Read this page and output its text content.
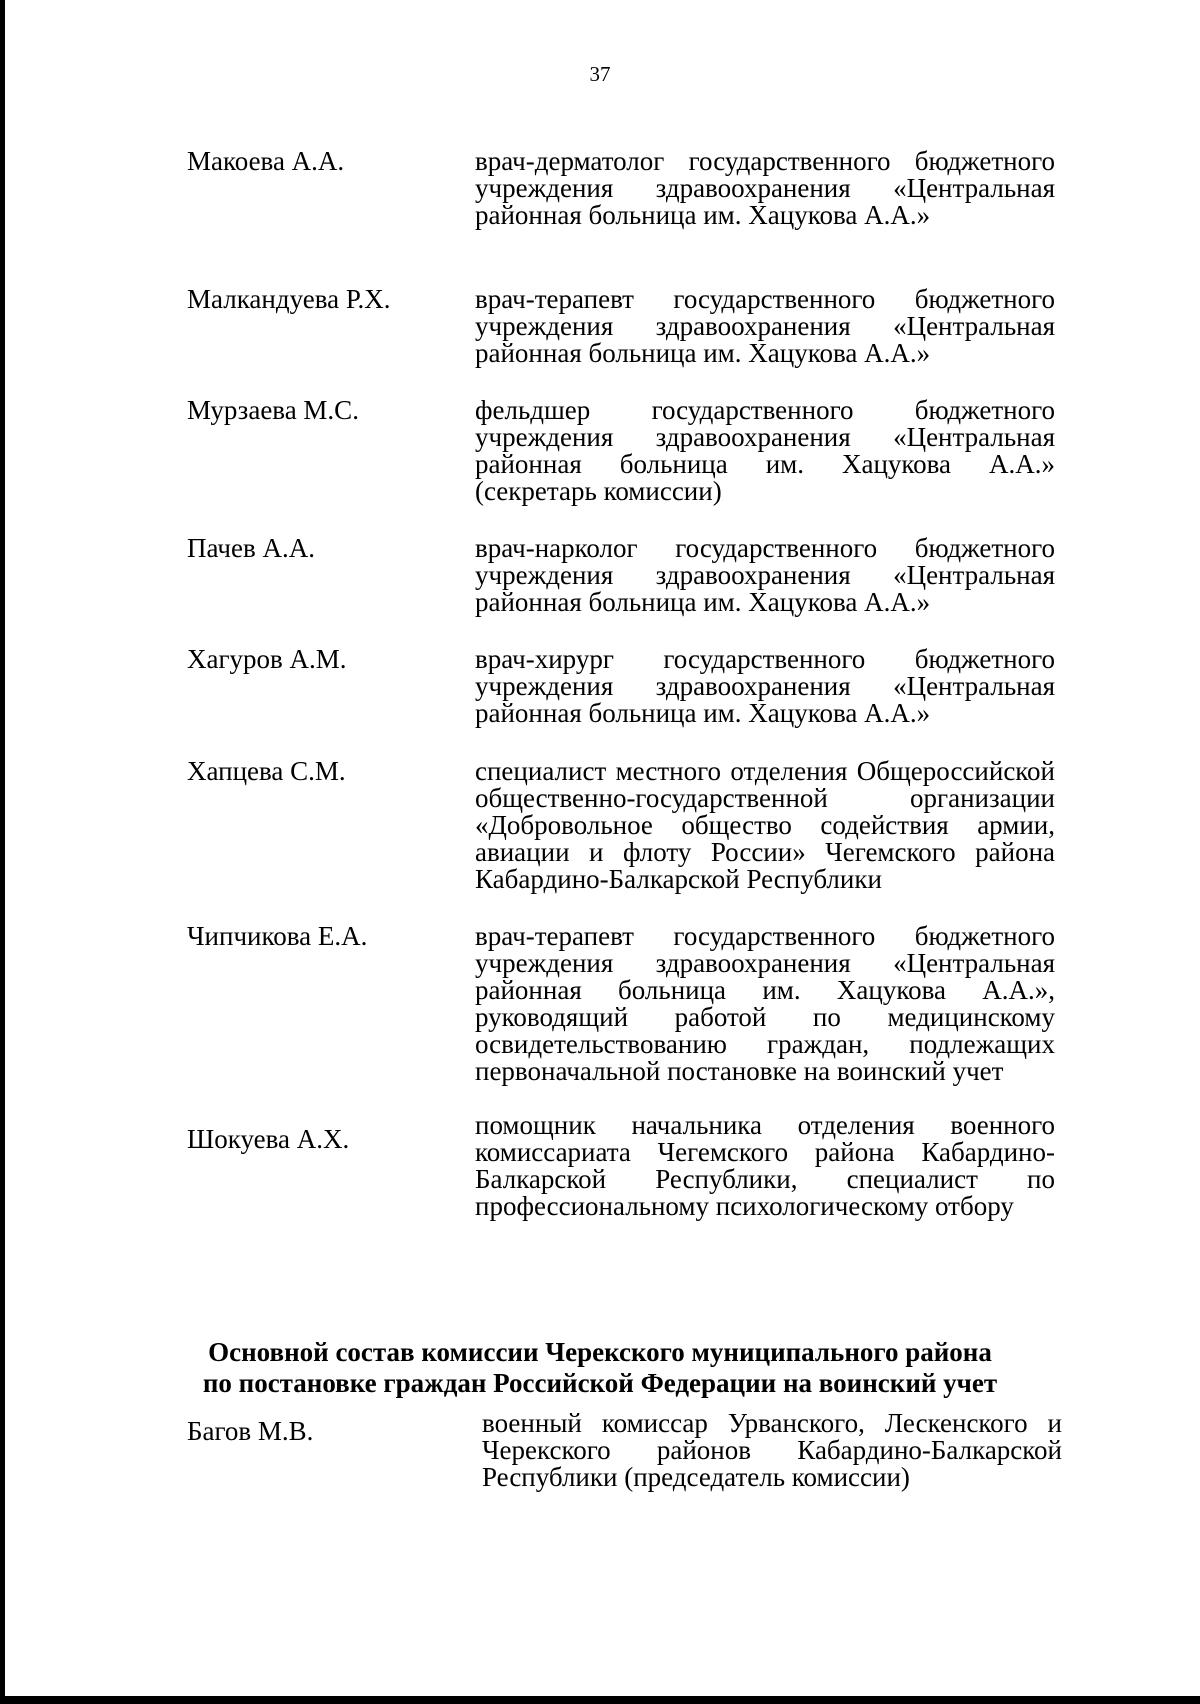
37
Макоева А.А.	врач-дерматолог государственного бюджетного учреждения здравоохранения «Центральная районная больница им. Хацукова А.А.»
Малкандуева Р.Х.	врач-терапевт государственного бюджетного учреждения здравоохранения «Центральная районная больница им. Хацукова А.А.»
Мурзаева М.С.	фельдшер государственного бюджетного учреждения здравоохранения «Центральная районная больница им. Хацукова А.А.» (секретарь комиссии)
Пачев А.А.	врач-нарколог государственного бюджетного учреждения здравоохранения «Центральная районная больница им. Хацукова А.А.»
Хагуров А.М.	врач-хирург государственного бюджетного учреждения здравоохранения «Центральная районная больница им. Хацукова А.А.»
Хапцева С.М.	специалист местного отделения Общероссийской общественно-государственной организации «Добровольное общество содействия армии, авиации и флоту России» Чегемского района Кабардино-Балкарской Республики
Чипчикова Е.А.	врач-терапевт государственного бюджетного учреждения здравоохранения «Центральная районная больница им. Хацукова А.А.», руководящий работой по медицинскому освидетельствованию граждан, подлежащих первоначальной постановке на воинский учет
Шокуева А.Х.	помощник начальника отделения военного комиссариата Чегемского района Кабардино-Балкарской Республики, специалист по профессиональному психологическому отбору
Основной состав комиссии Черекского муниципального района
по постановке граждан Российской Федерации на воинский учет
Багов М.В.	военный комиссар Урванского, Лескенского и Черекского районов Кабардино-Балкарской Республики (председатель комиссии)
